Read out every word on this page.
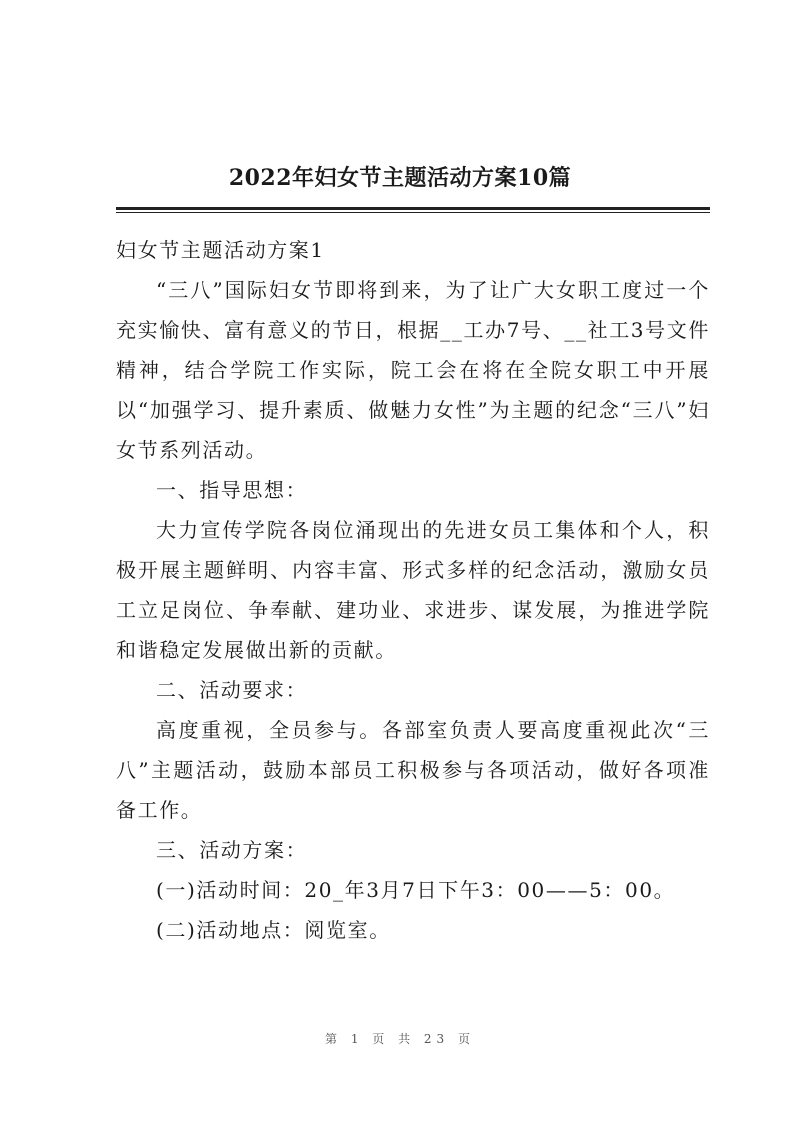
2022年妇女节主题活动方案10篇

妇女节主题活动方案1

“三八”国际妇女节即将到来，为了让广大女职工度过一个充实愉快、富有意义的节日，根据__工办7号、__社工3号文件精神，结合学院工作实际，院工会在将在全院女职工中开展以“加强学习、提升素质、做魅力女性”为主题的纪念“三八”妇女节系列活动。

一、指导思想：

大力宣传学院各岗位涌现出的先进女员工集体和个人，积极开展主题鲜明、内容丰富、形式多样的纪念活动，激励女员工立足岗位、争奉献、建功业、求进步、谋发展，为推进学院和谐稳定发展做出新的贡献。

二、活动要求：

高度重视，全员参与。各部室负责人要高度重视此次“三八”主题活动，鼓励本部员工积极参与各项活动，做好各项准备工作。

三、活动方案：

(一)活动时间：20_年3月7日下午3：00——5：00。

(二)活动地点：阅览室。

第 1 页 共 23 页
